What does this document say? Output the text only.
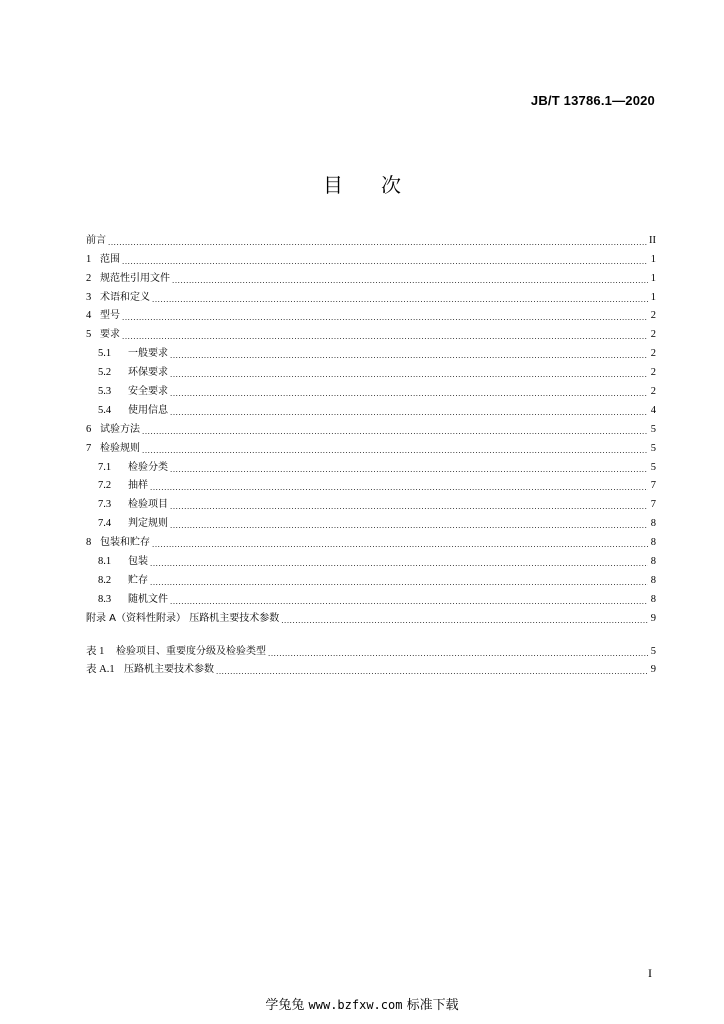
JB/T 13786.1—2020
目 次
前言 .....	II
1 范围 .....	1
2 规范性引用文件 .....	1
3 术语和定义 .....	1
4 型号 .....	2
5 要求 .....	2
5.1	一般要求 .....	2
5.2	环保要求 .....	2
5.3	安全要求 .....	2
5.4	使用信息 .....	4
6 试验方法 .....	5
7 检验规则 .....	5
7.1	检验分类 .....	5
7.2	抽样 .....	7
7.3	检验项目 .....	7
7.4	判定规则 .....	8
8 包装和贮存 .....	8
8.1	包装 .....	8
8.2	贮存 .....	8
8.3	随机文件 .....	8
附录 A（资料性附录） 压路机主要技术参数 .....	9
表 1	检验项目、重要度分级及检验类型 .....	5
表 A.1 压路机主要技术参数 .....	9
I
学兔兔 www.bzfxw.com 标准下载
